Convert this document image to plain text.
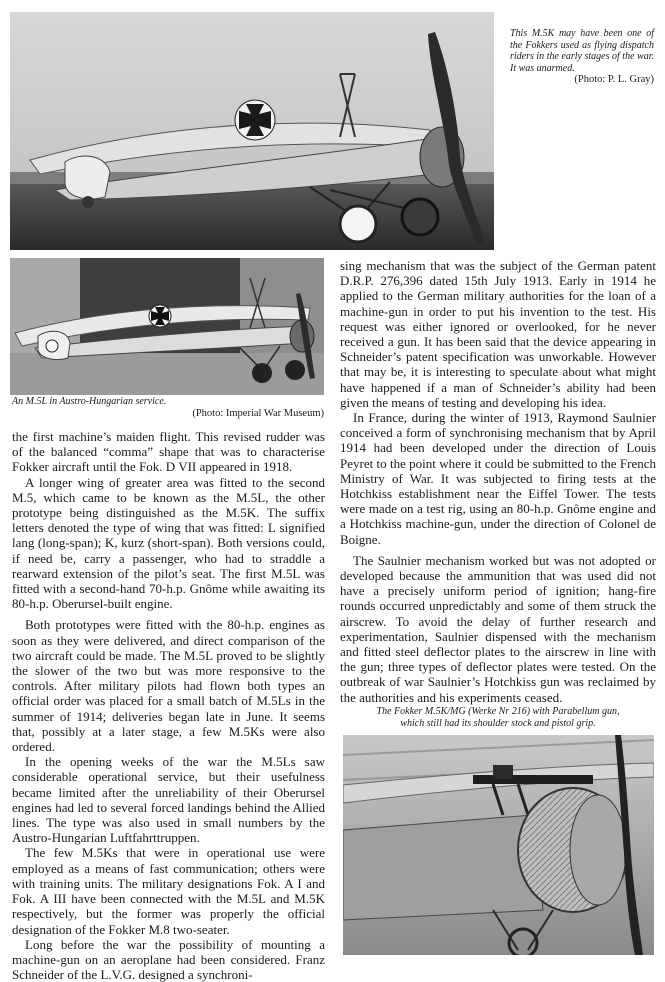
This M.5K may have been one of the Fokkers used as flying dispatch riders in the early stages of the war. It was unarmed.
(Photo: P. L. Gray)

An M.5L in Austro-Hungarian service.
(Photo: Imperial War Museum)

the first machine’s maiden flight. This revised rudder was of the balanced “comma” shape that was to characterise Fokker aircraft until the Fok. D VII appeared in 1918.

A longer wing of greater area was fitted to the second M.5, which came to be known as the M.5L, the other prototype being distinguished as the M.5K. The suffix letters denoted the type of wing that was fitted: L signified lang (long-span); K, kurz (short-span). Both versions could, if need be, carry a passenger, who had to straddle a rearward extension of the pilot’s seat. The first M.5L was fitted with a second-hand 70-h.p. Gnôme while awaiting its 80-h.p. Oberursel-built engine.

Both prototypes were fitted with the 80-h.p. engines as soon as they were delivered, and direct comparison of the two aircraft could be made. The M.5L proved to be slightly the slower of the two but was more responsive to the controls. After military pilots had flown both types an official order was placed for a small batch of M.5Ls in the summer of 1914; deliveries began late in June. It seems that, possibly at a later stage, a few M.5Ks were also ordered.

In the opening weeks of the war the M.5Ls saw considerable operational service, but their usefulness became limited after the unreliability of their Oberursel engines had led to several forced landings behind the Allied lines. The type was also used in small numbers by the Austro-Hungarian Luftfahrttruppen.

The few M.5Ks that were in operational use were employed as a means of fast communication; others were with training units. The military designations Fok. A I and Fok. A III have been connected with the M.5L and M.5K respectively, but the former was properly the official designation of the Fokker M.8 two-seater.

Long before the war the possibility of mounting a machine-gun on an aeroplane had been considered. Franz Schneider of the L.V.G. designed a synchroni-

sing mechanism that was the subject of the German patent D.R.P. 276,396 dated 15th July 1913. Early in 1914 he applied to the German military authorities for the loan of a machine-gun in order to put his invention to the test. His request was either ignored or overlooked, for he never received a gun. It has been said that the device appearing in Schneider’s patent specification was unworkable. However that may be, it is interesting to speculate about what might have happened if a man of Schneider’s ability had been given the means of testing and developing his idea.

In France, during the winter of 1913, Raymond Saulnier conceived a form of synchronising mechanism that by April 1914 had been developed under the direction of Louis Peyret to the point where it could be submitted to the French Ministry of War. It was subjected to firing tests at the Hotchkiss establishment near the Eiffel Tower. The tests were made on a test rig, using an 80-h.p. Gnôme engine and a Hotchkiss machine-gun, under the direction of Colonel de Boigne.

The Saulnier mechanism worked but was not adopted or developed because the ammunition that was used did not have a precisely uniform period of ignition; hang-fire rounds occurred unpredictably and some of them struck the airscrew. To avoid the delay of further research and experimentation, Saulnier dispensed with the mechanism and fitted steel deflector plates to the airscrew in line with the gun; three types of deflector plates were tested. On the outbreak of war Saulnier’s Hotchkiss gun was reclaimed by the authorities and his experiments ceased.

The Fokker M.5K/MG (Werke Nr 216) with Parabellum gun,
which still had its shoulder stock and pistol grip.
